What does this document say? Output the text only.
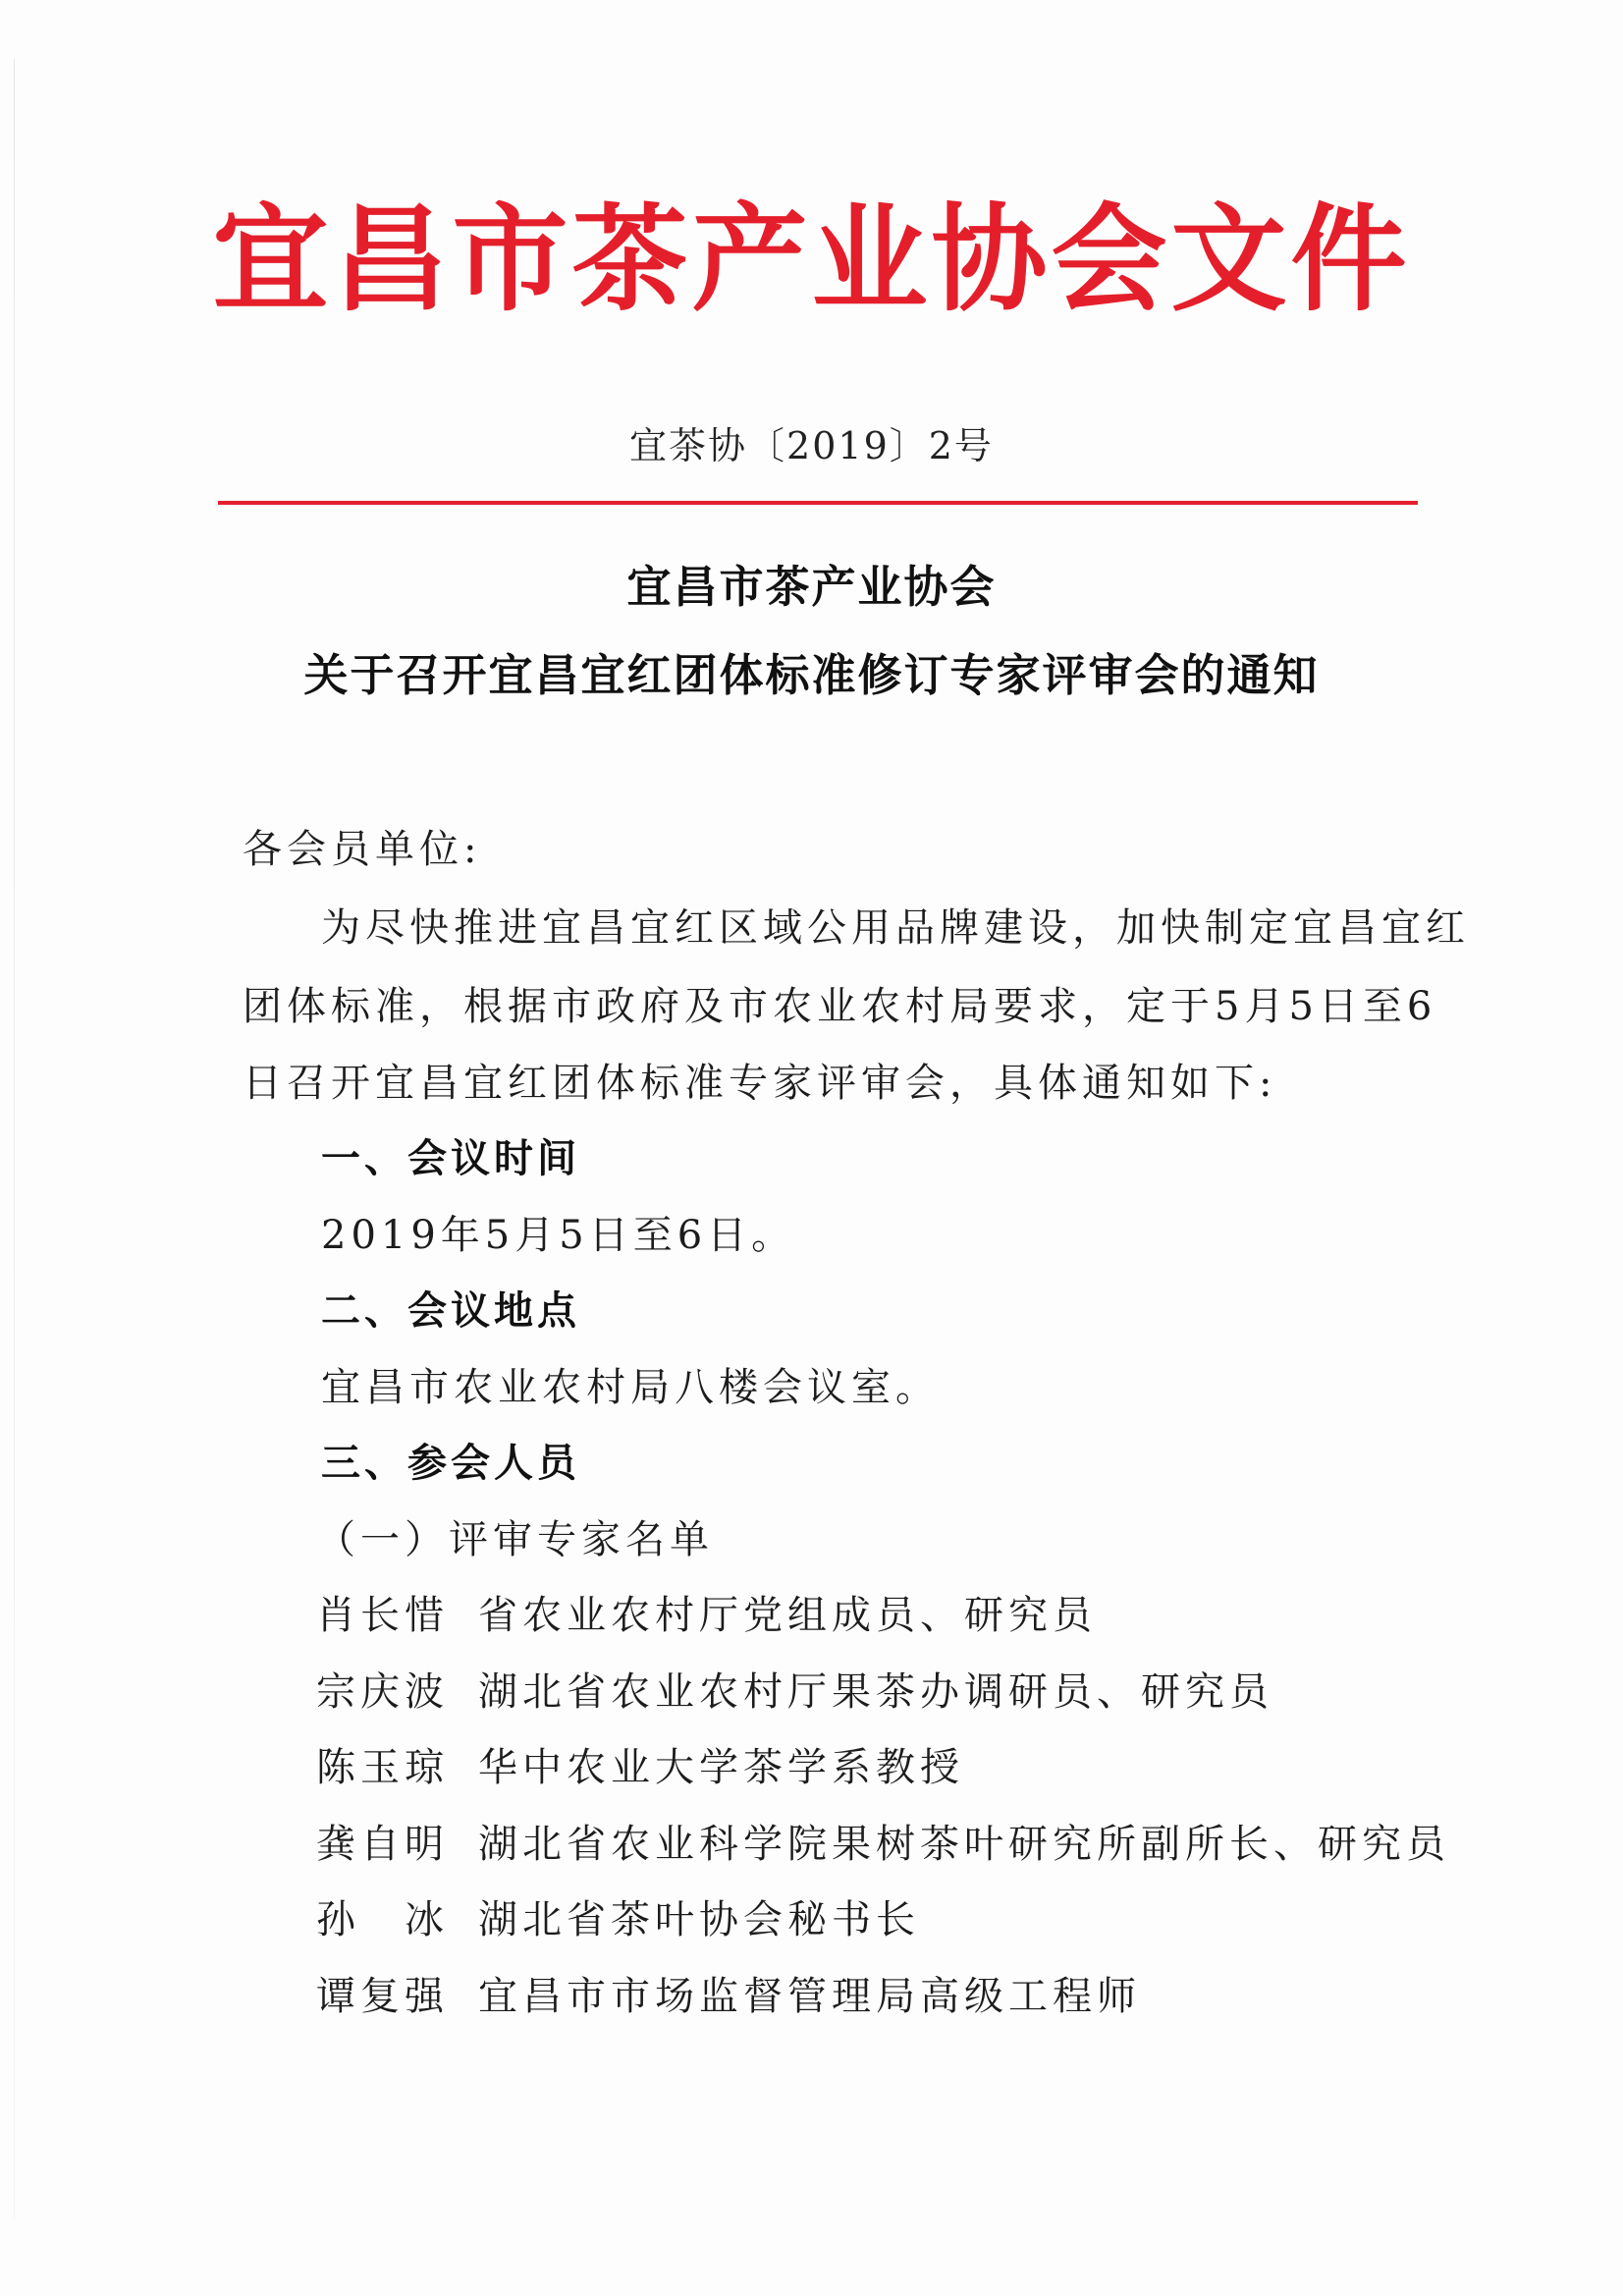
宜昌市茶产业协会文件
宜茶协〔2019〕2号
宜昌市茶产业协会
关于召开宜昌宜红团体标准修订专家评审会的通知
各会员单位:
为尽快推进宜昌宜红区域公用品牌建设，加快制定宜昌宜红
团体标准，根据市政府及市农业农村局要求，定于5月5日至6
日召开宜昌宜红团体标准专家评审会，具体通知如下:
一、会议时间
2019年5月5日至6日。
二、会议地点
宜昌市农业农村局八楼会议室。
三、参会人员
（一）评审专家名单
肖长惜 省农业农村厅党组成员、研究员
宗庆波 湖北省农业农村厅果茶办调研员、研究员
陈玉琼 华中农业大学茶学系教授
龚自明 湖北省农业科学院果树茶叶研究所副所长、研究员
孙　冰 湖北省茶叶协会秘书长
谭复强 宜昌市市场监督管理局高级工程师
